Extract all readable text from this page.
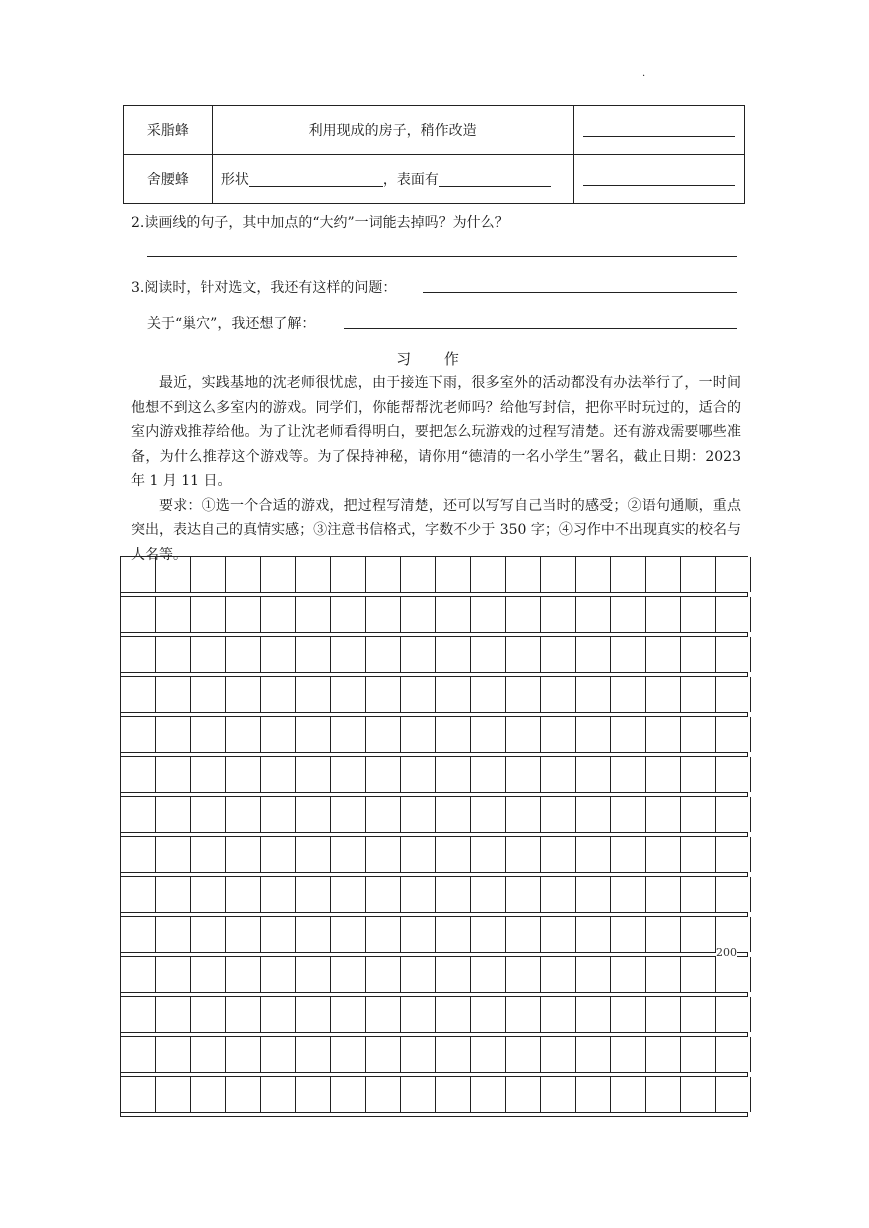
.
采脂蜂	利用现成的房子，稍作改造	

舍腰蜂	形状 ，表面有	
2.读画线的句子，其中加点的“大约”一词能去掉吗？为什么？
3.阅读时，针对选文，我还有这样的问题：
关于“巢穴”，我还想了解：
习 作

最近，实践基地的沈老师很忧虑，由于接连下雨，很多室外的活动都没有办法举行了，一时间他想不到这么多室内的游戏。同学们，你能帮帮沈老师吗？给他写封信，把你平时玩过的，适合的室内游戏推荐给他。为了让沈老师看得明白，要把怎么玩游戏的过程写清楚。还有游戏需要哪些准备，为什么推荐这个游戏等。为了保持神秘，请你用“德清的一名小学生”署名，截止日期：2023 年 1 月 11 日。

要求：①选一个合适的游戏，把过程写清楚，还可以写写自己当时的感受；②语句通顺，重点突出，表达自己的真情实感；③注意书信格式，字数不少于 350 字；④习作中不出现真实的校名与人名等。

200
